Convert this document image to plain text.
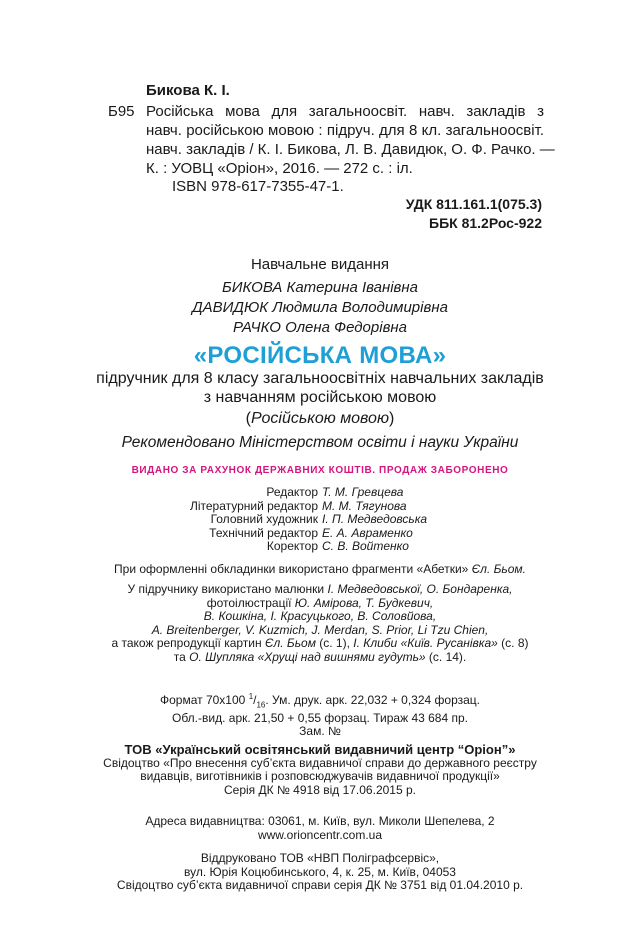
Бикова К. І.
Б95 Російська мова для загальноосвіт. навч. закладів з
навч. російською мовою : підруч. для 8 кл. загальноосвіт.
навч. закладів / К. І. Бикова, Л. В. Давидюк, О. Ф. Рачко. —
К. : УОВЦ «Оріон», 2016. — 272 с. : іл.
ISBN 978-617-7355-47-1.
УДК 811.161.1(075.3)
ББК 81.2Рос-922
Навчальне видання
БИКОВА Катерина Іванівна
ДАВИДЮК Людмила Володимирівна
РАЧКО Олена Федорівна
«РОСІЙСЬКА МОВА»
підручник для 8 класу загальноосвітніх навчальних закладів
з навчанням російською мовою
(Російською мовою)
Рекомендовано Міністерством освіти і науки України
ВИДАНО ЗА РАХУНОК ДЕРЖАВНИХ КОШТІВ. ПРОДАЖ ЗАБОРОНЕНО
Редактор Т. М. Гревцева
Літературний редактор М. М. Тягунова
Головний художник І. П. Медведовська
Технічний редактор Е. А. Авраменко
Коректор С. В. Войтенко
При оформленні обкладинки використано фрагменти «Абетки» Єл. Бьом.
У підручнику використано малюнки І. Медведовської, О. Бондаренка,
фотоілюстрації Ю. Амірова, Т. Будкевич,
В. Кошкіна, І. Красуцького, В. Соловйова,
A. Breitenberger, V. Kuzmich, J. Merdan, S. Prior, Li Tzu Chien,
а також репродукції картин Єл. Бьом (с. 1), І. Клиби «Київ. Русанівка» (с. 8)
та О. Шупляка «Хрущі над вишнями гудуть» (с. 14).
Формат 70x100 $^1/_{16}$. Ум. друк. арк. 22,032 + 0,324 форзац.
Обл.-вид. арк. 21,50 + 0,55 форзац. Тираж 43 684 пр.
Зам. №
ТОВ «Український освітянський видавничий центр “Оріон”»
Свідоцтво «Про внесення суб’єкта видавничої справи до державного реєстру
видавців, виготівників і розповсюджувачів видавничої продукції»
Серія ДК № 4918 від 17.06.2015 р.
Адреса видавництва: 03061, м. Київ, вул. Миколи Шепелева, 2
www.orioncentr.com.ua
Віддруковано ТОВ «НВП Поліграфсервіс»,
вул. Юрія Коцюбинського, 4, к. 25, м. Київ, 04053
Свідоцтво суб’єкта видавничої справи серія ДК № 3751 від 01.04.2010 р.
